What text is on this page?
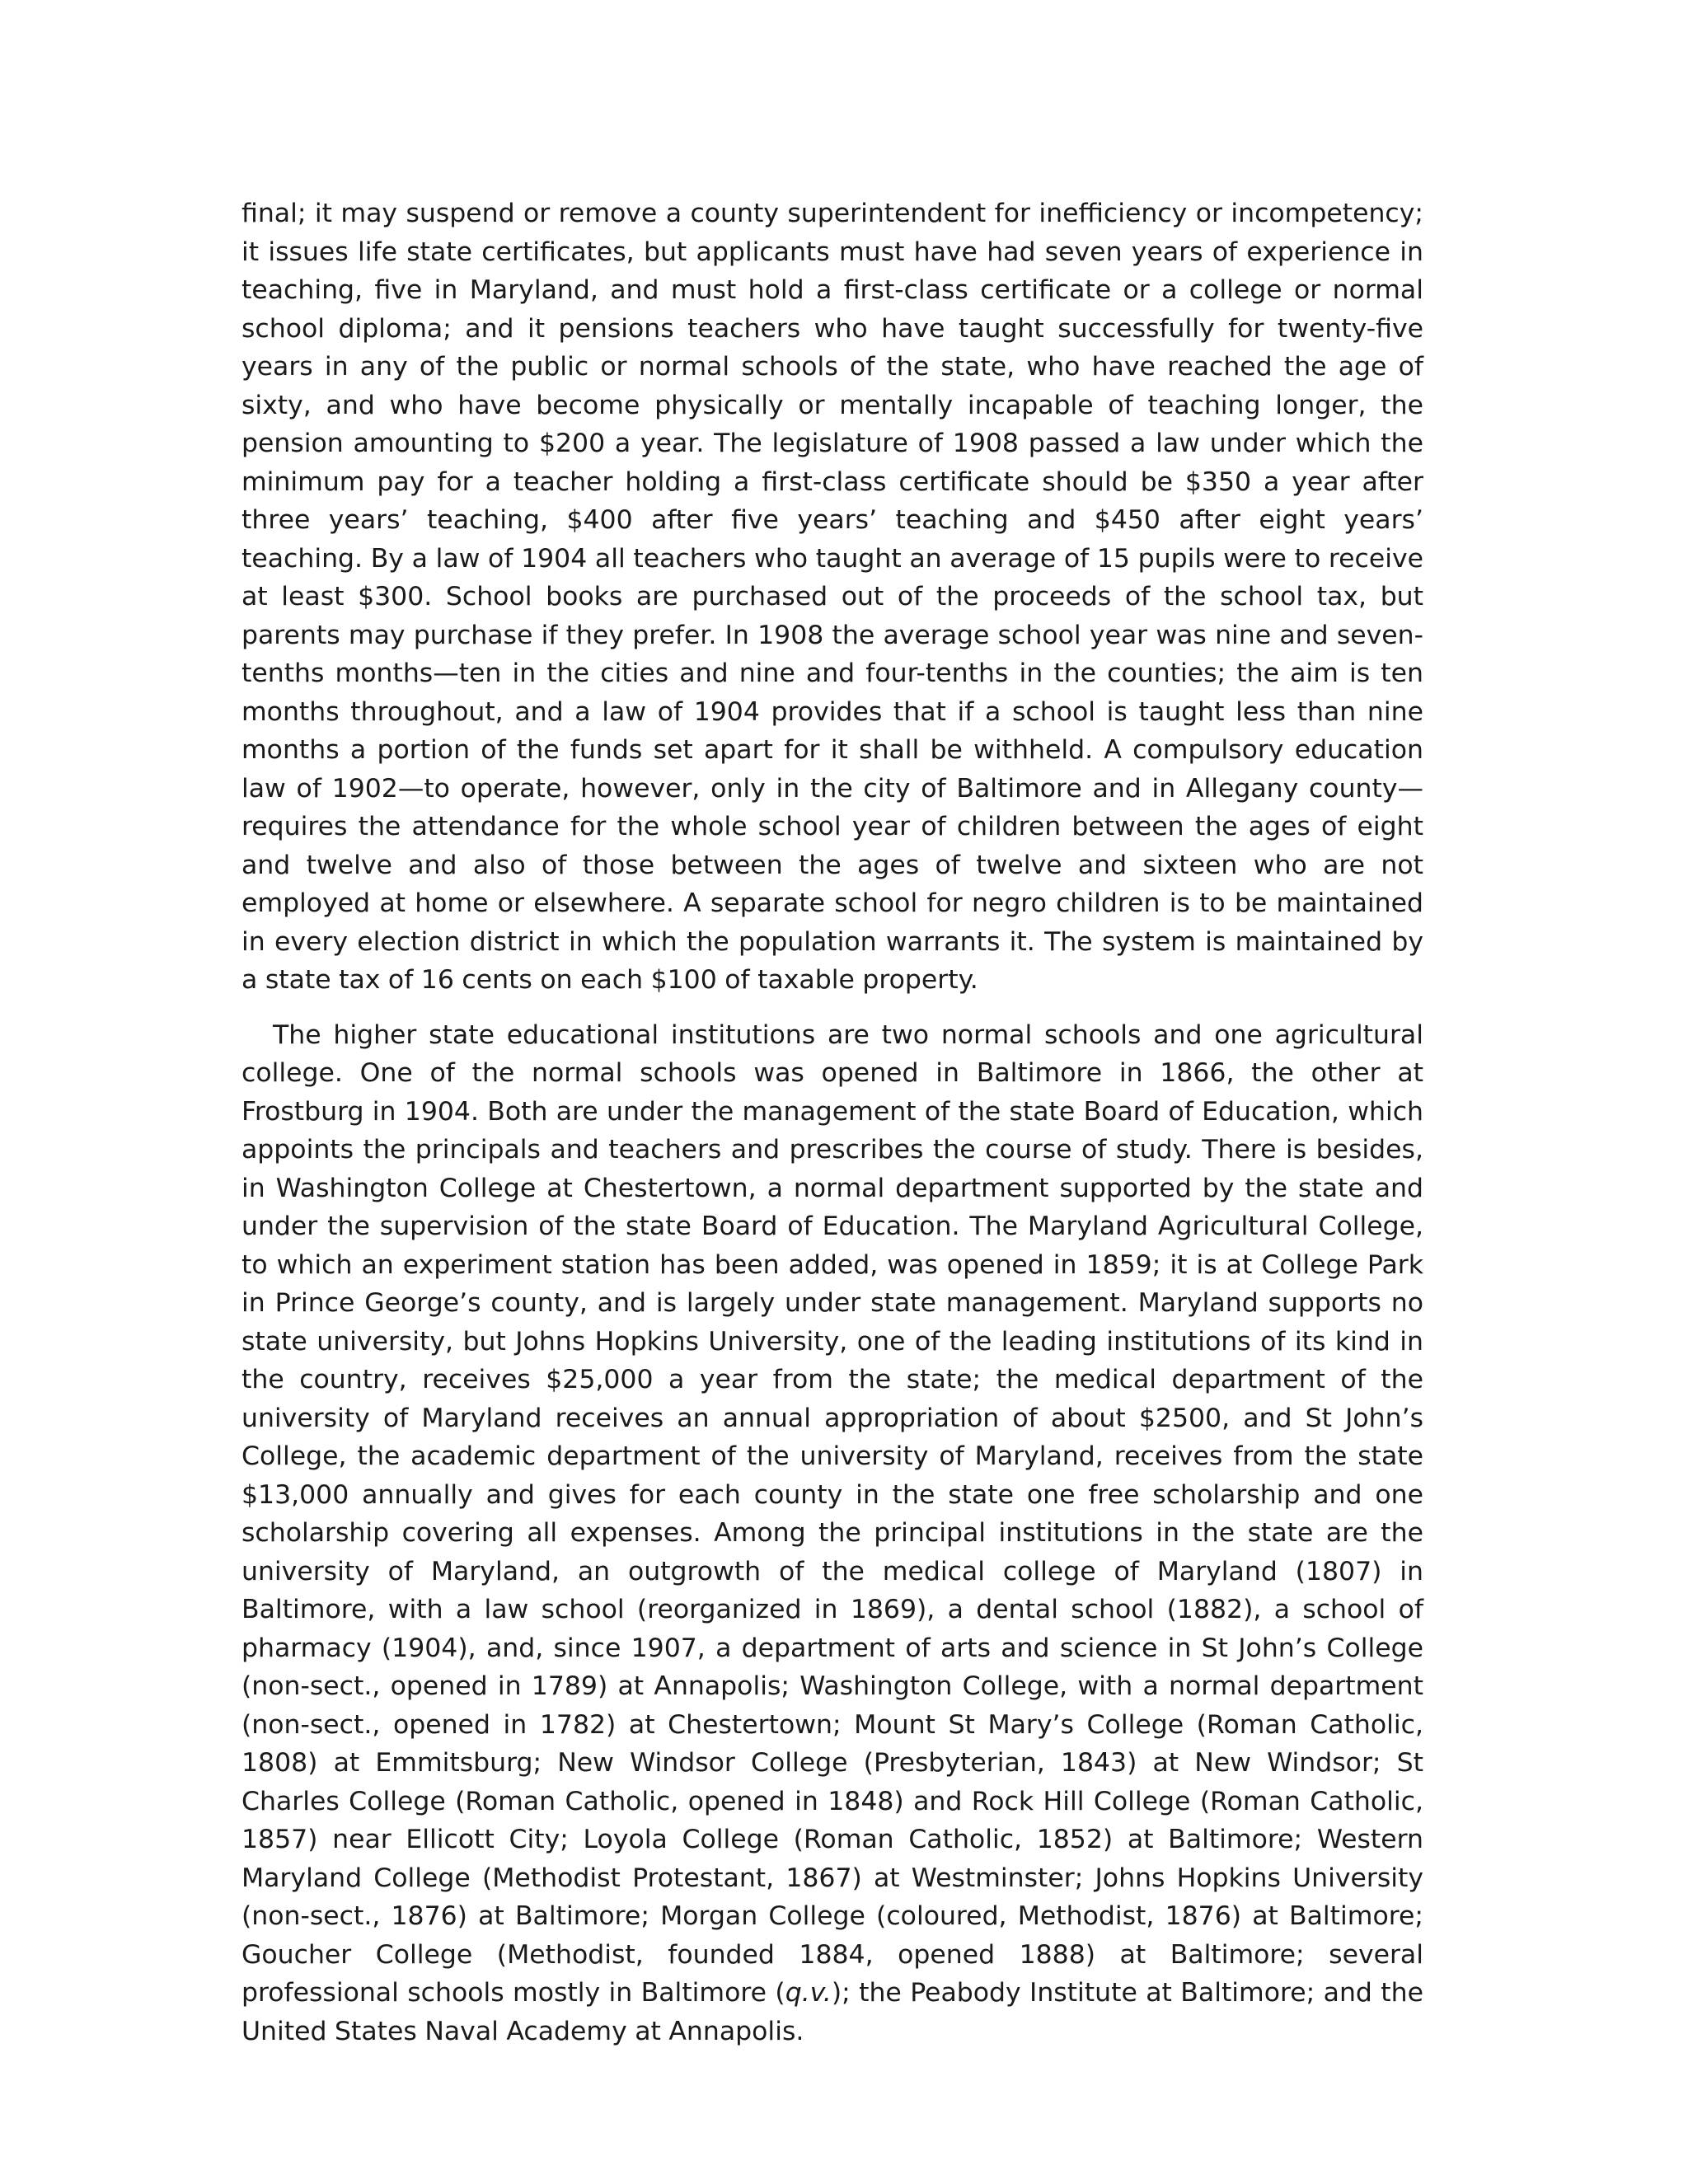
final; it may suspend or remove a county superintendent for inefficiency or incompetency; it issues life state certificates, but applicants must have had seven years of experience in teaching, five in Maryland, and must hold a first-class certificate or a college or normal school diploma; and it pensions teachers who have taught successfully for twenty-five years in any of the public or normal schools of the state, who have reached the age of sixty, and who have become physically or mentally incapable of teaching longer, the pension amounting to $200 a year. The legislature of 1908 passed a law under which the minimum pay for a teacher holding a first-class certificate should be $350 a year after three years’ teaching, $400 after five years’ teaching and $450 after eight years’ teaching. By a law of 1904 all teachers who taught an average of 15 pupils were to receive at least $300. School books are purchased out of the proceeds of the school tax, but parents may purchase if they prefer. In 1908 the average school year was nine and seven-tenths months—ten in the cities and nine and four-tenths in the counties; the aim is ten months throughout, and a law of 1904 provides that if a school is taught less than nine months a portion of the funds set apart for it shall be withheld. A compulsory education law of 1902—to operate, however, only in the city of Baltimore and in Allegany county—requires the attendance for the whole school year of children between the ages of eight and twelve and also of those between the ages of twelve and sixteen who are not employed at home or elsewhere. A separate school for negro children is to be maintained in every election district in which the population warrants it. The system is maintained by a state tax of 16 cents on each $100 of taxable property.

The higher state educational institutions are two normal schools and one agricultural college. One of the normal schools was opened in Baltimore in 1866, the other at Frostburg in 1904. Both are under the management of the state Board of Education, which appoints the principals and teachers and prescribes the course of study. There is besides, in Washington College at Chestertown, a normal department supported by the state and under the supervision of the state Board of Education. The Maryland Agricultural College, to which an experiment station has been added, was opened in 1859; it is at College Park in Prince George’s county, and is largely under state management. Maryland supports no state university, but Johns Hopkins University, one of the leading institutions of its kind in the country, receives $25,000 a year from the state; the medical department of the university of Maryland receives an annual appropriation of about $2500, and St John’s College, the academic department of the university of Maryland, receives from the state $13,000 annually and gives for each county in the state one free scholarship and one scholarship covering all expenses. Among the principal institutions in the state are the university of Maryland, an outgrowth of the medical college of Maryland (1807) in Baltimore, with a law school (reorganized in 1869), a dental school (1882), a school of pharmacy (1904), and, since 1907, a department of arts and science in St John’s College (non-sect., opened in 1789) at Annapolis; Washington College, with a normal department (non-sect., opened in 1782) at Chestertown; Mount St Mary’s College (Roman Catholic, 1808) at Emmitsburg; New Windsor College (Presbyterian, 1843) at New Windsor; St Charles College (Roman Catholic, opened in 1848) and Rock Hill College (Roman Catholic, 1857) near Ellicott City; Loyola College (Roman Catholic, 1852) at Baltimore; Western Maryland College (Methodist Protestant, 1867) at Westminster; Johns Hopkins University (non-sect., 1876) at Baltimore; Morgan College (coloured, Methodist, 1876) at Baltimore; Goucher College (Methodist, founded 1884, opened 1888) at Baltimore; several professional schools mostly in Baltimore (q.v.); the Peabody Institute at Baltimore; and the United States Naval Academy at Annapolis.
